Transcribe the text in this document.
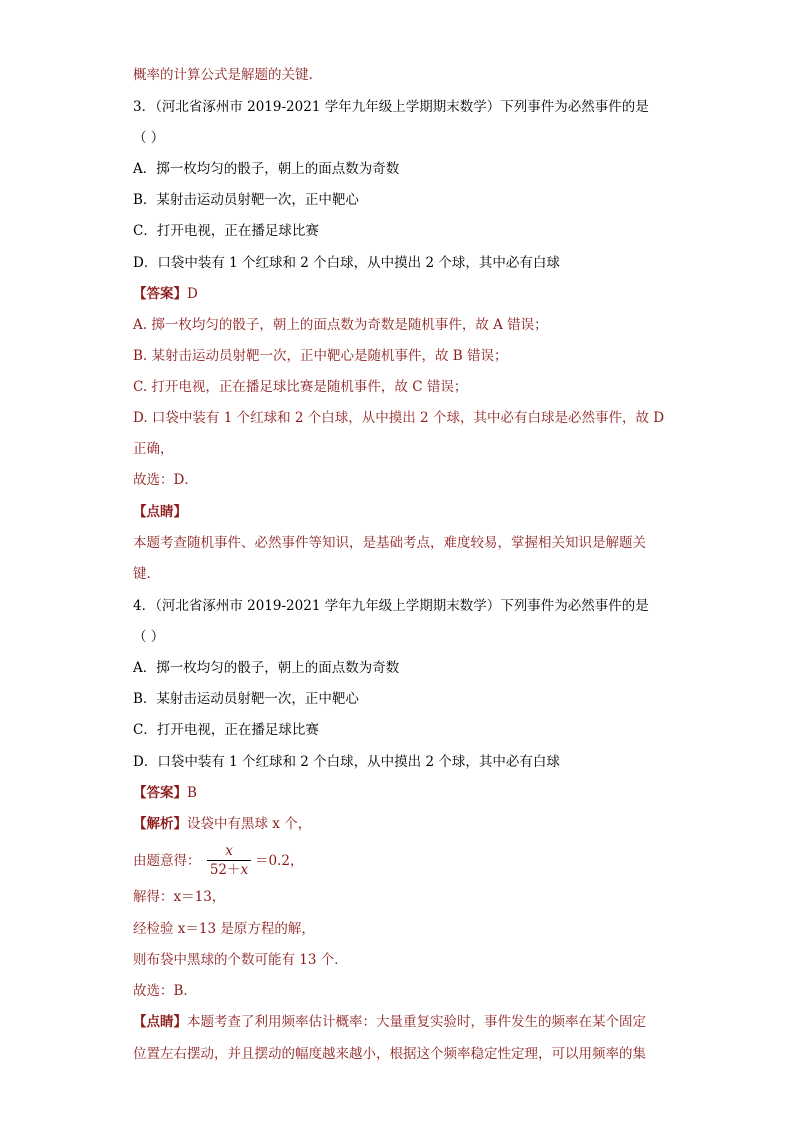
概率的计算公式是解题的关键.
3．（河北省涿州市 2019-2021 学年九年级上学期期末数学）下列事件为必然事件的是
（ ）
A．掷一枚均匀的骰子，朝上的面点数为奇数
B．某射击运动员射靶一次，正中靶心
C．打开电视，正在播足球比赛
D．口袋中装有 1 个红球和 2 个白球，从中摸出 2 个球，其中必有白球
【答案】D
A. 掷一枚均匀的骰子，朝上的面点数为奇数是随机事件，故 A 错误；
B. 某射击运动员射靶一次，正中靶心是随机事件，故 B 错误；
C. 打开电视，正在播足球比赛是随机事件，故 C 错误；
D. 口袋中装有 1 个红球和 2 个白球，从中摸出 2 个球，其中必有白球是必然事件，故 D
正确，
故选：D．
【点睛】
本题考查随机事件、必然事件等知识，是基础考点，难度较易，掌握相关知识是解题关
键.
4．（河北省涿州市 2019-2021 学年九年级上学期期末数学）下列事件为必然事件的是
（ ）
A．掷一枚均匀的骰子，朝上的面点数为奇数
B．某射击运动员射靶一次，正中靶心
C．打开电视，正在播足球比赛
D．口袋中装有 1 个红球和 2 个白球，从中摸出 2 个球，其中必有白球
【答案】B
【解析】设袋中有黑球 x 个，
由题意得：
x
52＋x
＝0.2，
解得：x＝13，
经检验 x＝13 是原方程的解，
则布袋中黑球的个数可能有 13 个．
故选：B．
【点睛】本题考查了利用频率估计概率：大量重复实验时，事件发生的频率在某个固定
位置左右摆动，并且摆动的幅度越来越小，根据这个频率稳定性定理，可以用频率的集
